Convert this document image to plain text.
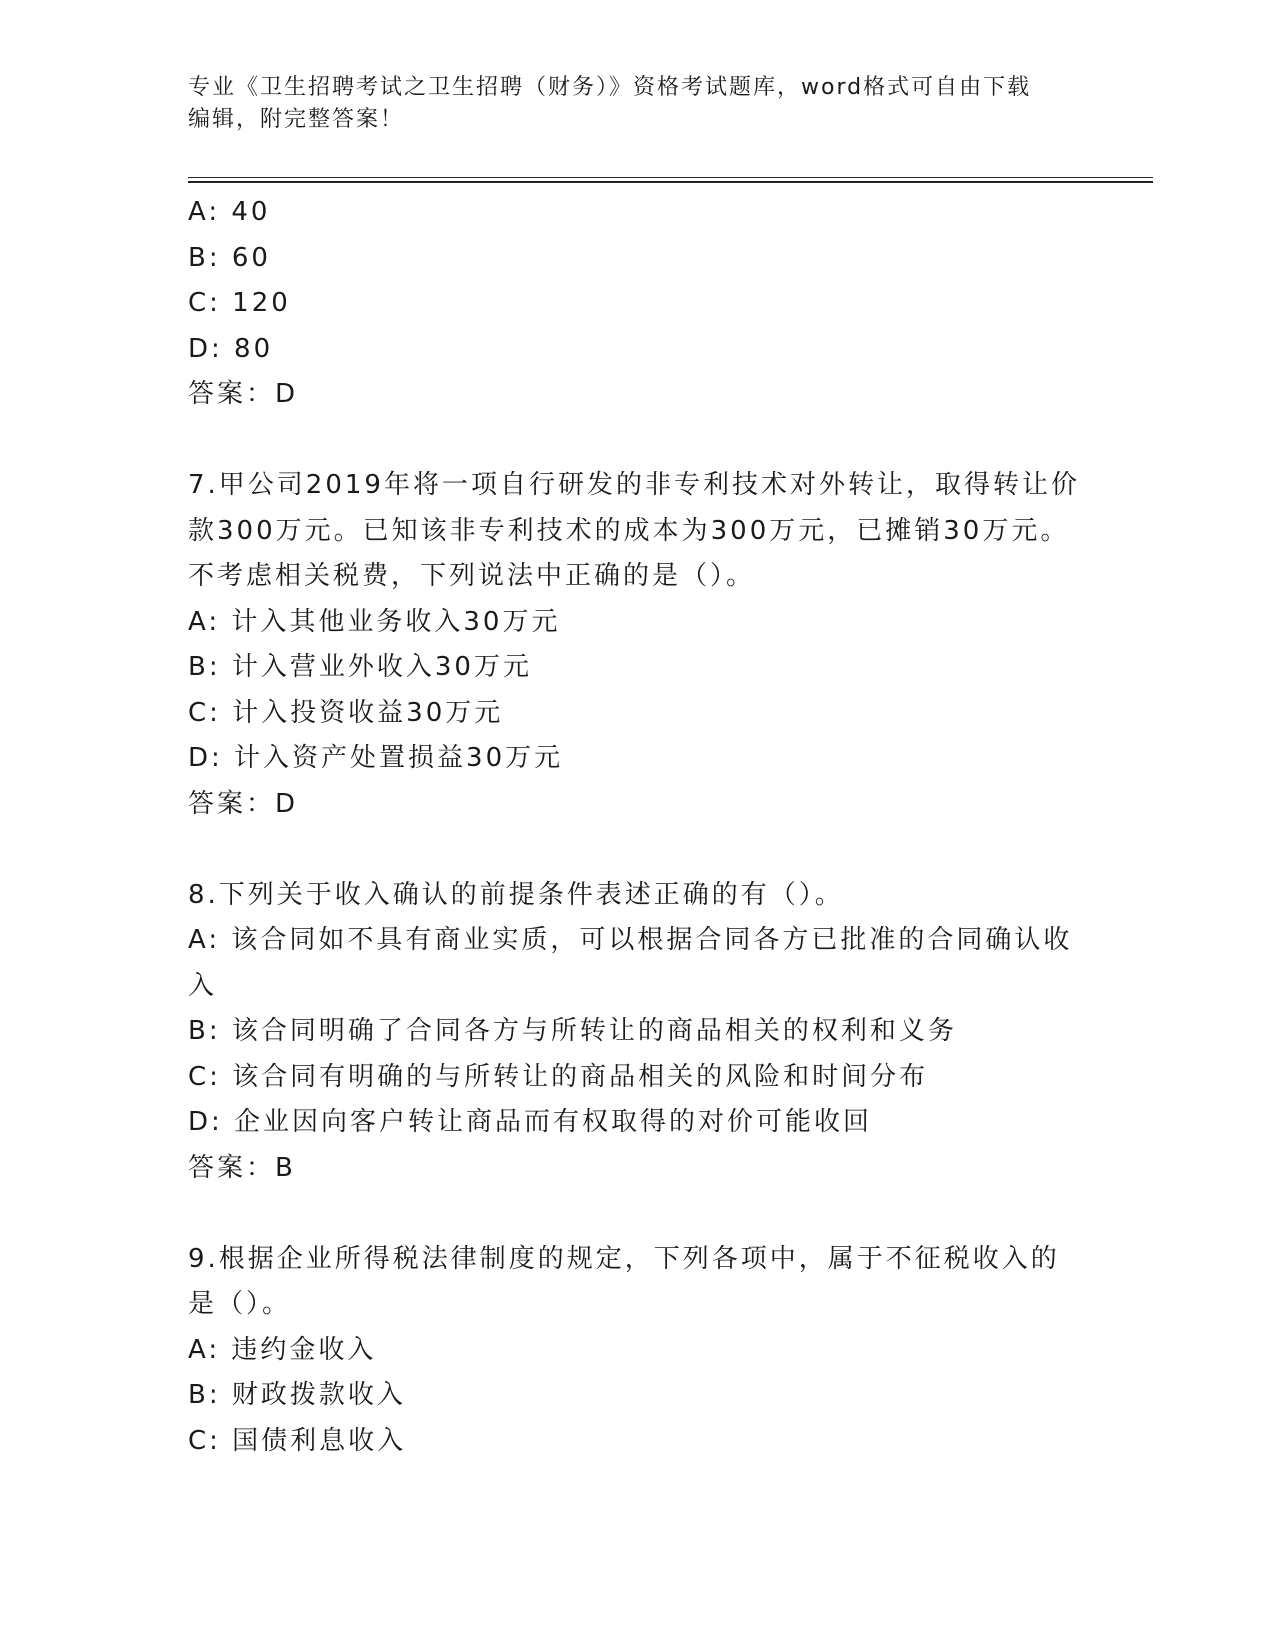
专业《卫生招聘考试之卫生招聘（财务）》资格考试题库，word格式可自由下载
编辑，附完整答案！
A: 40
B: 60
C: 120
D: 80
答案：D
7.甲公司2019年将一项自行研发的非专利技术对外转让，取得转让价
款300万元。已知该非专利技术的成本为300万元，已摊销30万元。
不考虑相关税费，下列说法中正确的是（）。
A: 计入其他业务收入30万元
B: 计入营业外收入30万元
C: 计入投资收益30万元
D: 计入资产处置损益30万元
答案：D
8.下列关于收入确认的前提条件表述正确的有（）。
A: 该合同如不具有商业实质，可以根据合同各方已批准的合同确认收
入
B: 该合同明确了合同各方与所转让的商品相关的权利和义务
C: 该合同有明确的与所转让的商品相关的风险和时间分布
D: 企业因向客户转让商品而有权取得的对价可能收回
答案：B
9.根据企业所得税法律制度的规定，下列各项中，属于不征税收入的
是（）。
A: 违约金收入
B: 财政拨款收入
C: 国债利息收入
